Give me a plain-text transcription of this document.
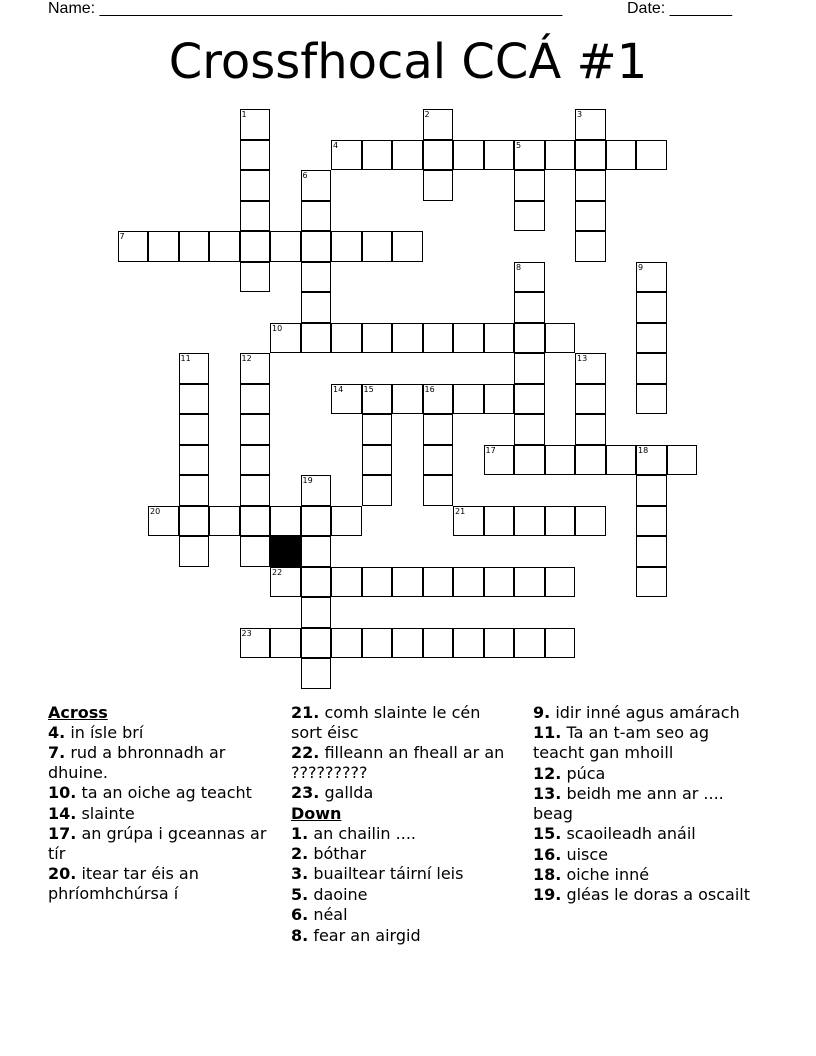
Name: ____________________________________________________	Date: _______
Crossfhocal CCÁ #1
1	2	3
4	5
6
7
8	9
10
11	12	13
14	15	16
17	18
19
20	21
22
23
Across
4. in ísle brí
7. rud a bhronnadh ar dhuine.
10. ta an oiche ag teacht
14. slainte
17. an grúpa i gceannas ar tír
20. itear tar éis an phríomhchúrsa í
21. comh slainte le cén sort éisc
22. filleann an fheall ar an ?????????
23. gallda
Down
1. an chailin ....
2. bóthar
3. buailtear táirní leis
5. daoine
6. néal
8. fear an airgid
9. idir inné agus amárach
11. Ta an t-am seo ag teacht gan mhoill
12. púca
13. beidh me ann ar .... beag
15. scaoileadh anáil
16. uisce
18. oiche inné
19. gléas le doras a oscailt
